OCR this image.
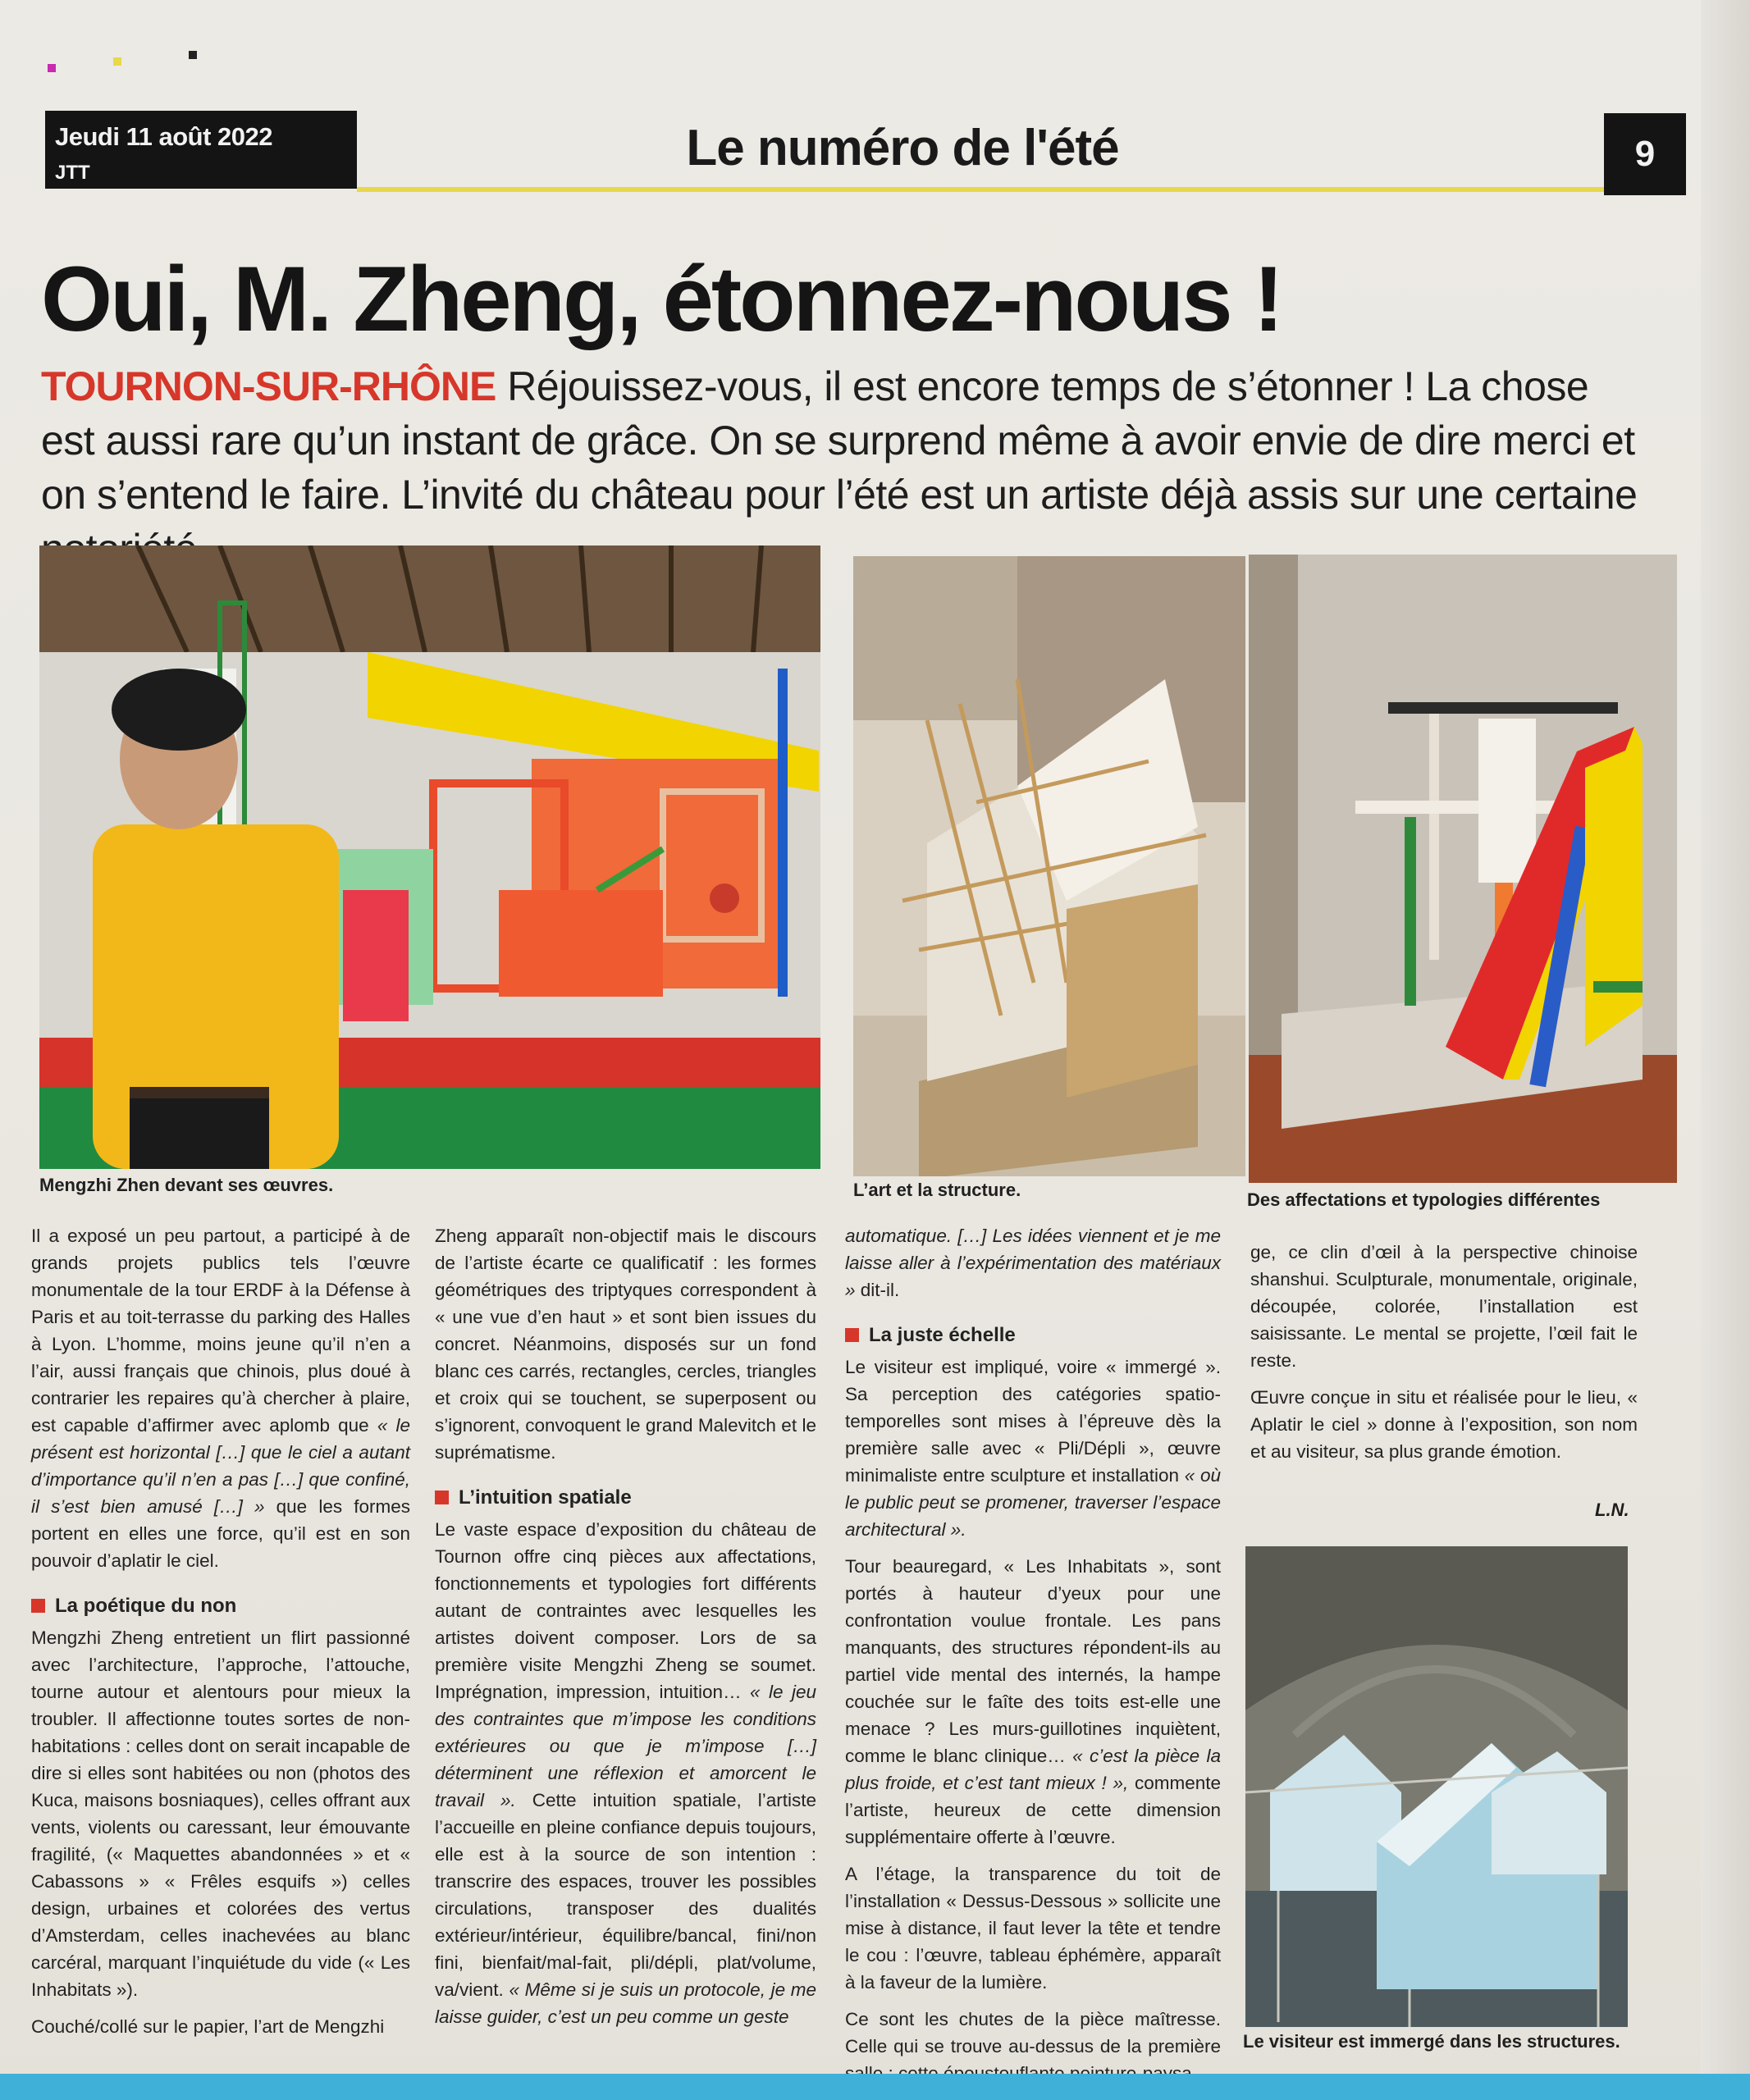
Jeudi 11 août 2022
JTT	Le numéro de l'été	9
Oui, M. Zheng, étonnez-nous !
TOURNON-SUR-RHÔNE Réjouissez-vous, il est encore temps de s’étonner ! La chose est aussi rare qu’un instant de grâce. On se surprend même à avoir envie de dire merci et on s’entend le faire. L’invité du château pour l’été est un artiste déjà assis sur une certaine
Mengzhi Zhen devant ses œuvres.	L’art et la structure.	Des affectations et typologies différentes
Le visiteur est immergé dans les structures.

Il a exposé un peu partout, a participé à de grands projets publics tels l’œuvre monumentale de la tour ERDF à la Défense à Paris et au toit-terrasse du parking des Halles à Lyon. L’homme, moins jeune qu’il n’en a l’air, aussi français que chinois, plus doué à contrarier les repaires qu’à chercher à plaire, est capable d’affirmer avec aplomb que « le présent est horizontal […] que le ciel a autant d’importance qu’il n’en a pas […] que confiné, il s’est bien amusé […] » que les formes portent en elles une force, qu’il est en son pouvoir d’aplatir le ciel.

La poétique du non

Mengzhi Zheng entretient un flirt passionné avec l’architecture, l’approche, l’attouche, tourne autour et alentours pour mieux la troubler. Il affectionne toutes sortes de non-habitations : celles dont on serait incapable de dire si elles sont habitées ou non (photos des Kuca, maisons bosniaques), celles offrant aux vents, violents ou caressant, leur émouvante fragilité, (« Maquettes abandonnées » et « Cabassons » « Frêles esquifs ») celles design, urbaines et colorées des vertus d’Amsterdam, celles inachevées au blanc carcéral, marquant l’inquiétude du vide (« Les Inhabitats »).

Couché/collé sur le papier, l’art de Mengzhi

Zheng apparaît non-objectif mais le discours de l’artiste écarte ce qualificatif : les formes géométriques des triptyques correspondent à « une vue d’en haut » et sont bien issues du concret. Néanmoins, disposés sur un fond blanc ces carrés, rectangles, cercles, triangles et croix qui se touchent, se superposent ou s’ignorent, convoquent le grand Malevitch et le suprématisme.

L’intuition spatiale

Le vaste espace d’exposition du château de Tournon offre cinq pièces aux affectations, fonctionnements et typologies fort différents autant de contraintes avec lesquelles les artistes doivent composer. Lors de sa première visite Mengzhi Zheng se soumet. Imprégnation, impression, intuition… « le jeu des contraintes que m’impose les conditions extérieures ou que je m’impose […] déterminent une réflexion et amorcent le travail ». Cette intuition spatiale, l’artiste l’accueille en pleine confiance depuis toujours, elle est à la source de son intention : transcrire des espaces, trouver les possibles circulations, transposer des dualités extérieur/intérieur, équilibre/bancal, fini/non fini, bienfait/mal-fait, pli/dépli, plat/volume, va/vient. « Même si je suis un protocole, je me laisse guider, c’est un peu comme un geste

automatique. […] Les idées viennent et je me laisse aller à l’expérimentation des matériaux » dit-il.

La juste échelle

Le visiteur est impliqué, voire « immergé ». Sa perception des catégories spatio-temporelles sont mises à l’épreuve dès la première salle avec « Pli/Dépli », œuvre minimaliste entre sculpture et installation « où le public peut se promener, traverser l’espace architectural ».

Tour beauregard, « Les Inhabitats », sont portés à hauteur d’yeux pour une confrontation voulue frontale. Les pans manquants, des structures répondent-ils au partiel vide mental des internés, la hampe couchée sur le faîte des toits est-elle une menace ? Les murs-guillotines inquiètent, comme le blanc clinique… « c’est la pièce la plus froide, et c’est tant mieux ! », commente l’artiste, heureux de cette dimension supplémentaire offerte à l’œuvre.

A l’étage, la transparence du toit de l’installation « Dessus-Dessous » sollicite une mise à distance, il faut lever la tête et tendre le cou : l’œuvre, tableau éphémère, apparaît à la faveur de la lumière.

Ce sont les chutes de la pièce maîtresse. Celle qui se trouve au-dessus de la première

ge, ce clin d’œil à la perspective chinoise shanshui. Sculpturale, monumentale, originale, découpée, colorée, l’installation est saisissante. Le mental se projette, l’œil fait le reste.

Œuvre conçue in situ et réalisée pour le lieu, « Aplatir le ciel » donne à l’exposition, son nom et au visiteur, sa plus grande émotion.

L.N.
